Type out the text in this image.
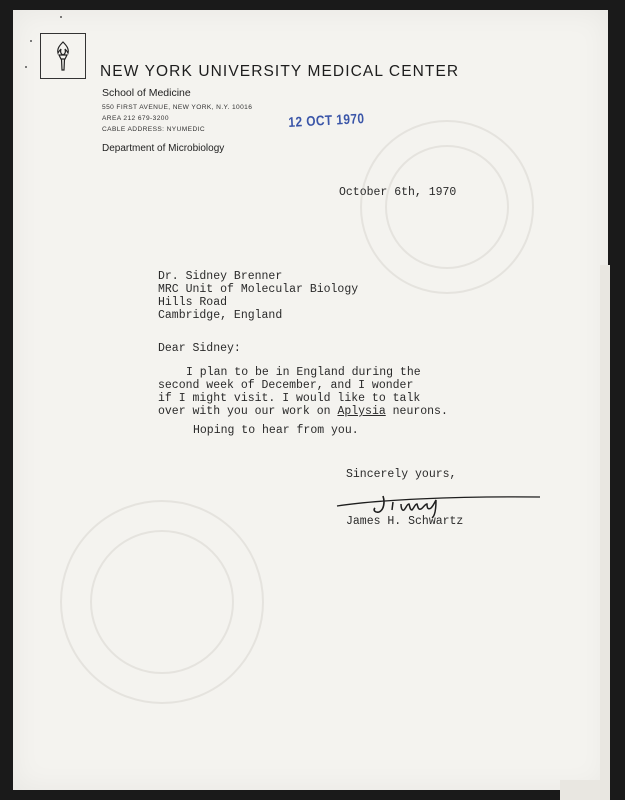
NEW YORK UNIVERSITY MEDICAL CENTER
School of Medicine
550 FIRST AVENUE, NEW YORK, N.Y. 10016
AREA 212 679-3200
CABLE ADDRESS: NYUMEDIC
Department of Microbiology
12 OCT 1970
October 6th, 1970
Dr. Sidney Brenner
MRC Unit of Molecular Biology
Hills Road
Cambridge, England
Dear Sidney:
I plan to be in England during the
second week of December, and I wonder
if I might visit. I would like to talk
over with you our work on Aplysia neurons.
Hoping to hear from you.
Sincerely yours,
James H. Schwartz
